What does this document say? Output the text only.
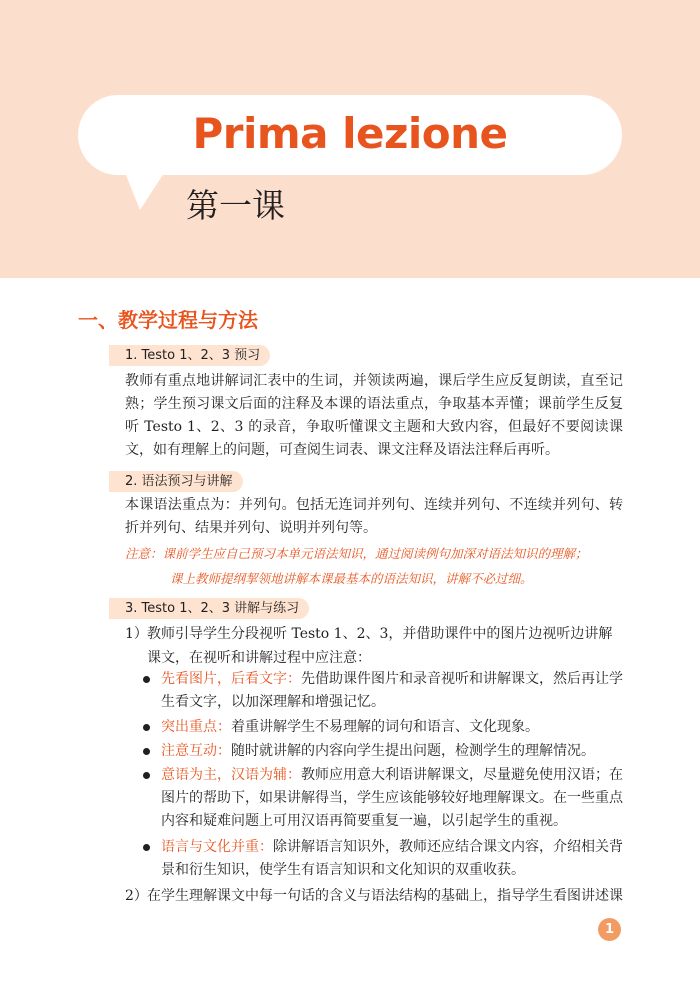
Prima lezione
第一课
一、教学过程与方法
1. Testo 1、2、3 预习
教师有重点地讲解词汇表中的生词，并领读两遍，课后学生应反复朗读，直至记熟；学生预习课文后面的注释及本课的语法重点，争取基本弄懂；课前学生反复听 Testo 1、2、3 的录音，争取听懂课文主题和大致内容，但最好不要阅读课文，如有理解上的问题，可查阅生词表、课文注释及语法注释后再听。
2. 语法预习与讲解
本课语法重点为：并列句。包括无连词并列句、连续并列句、不连续并列句、转折并列句、结果并列句、说明并列句等。
注意：课前学生应自己预习本单元语法知识，通过阅读例句加深对语法知识的理解；
课上教师提纲挈领地讲解本课最基本的语法知识，讲解不必过细。
3. Testo 1、2、3 讲解与练习
1） 教师引导学生分段视听 Testo 1、2、3，并借助课件中的图片边视听边讲解课文，在视听和讲解过程中应注意：
先看图片，后看文字：先借助课件图片和录音视听和讲解课文，然后再让学生看文字，以加深理解和增强记忆。
突出重点：着重讲解学生不易理解的词句和语言、文化现象。
注意互动：随时就讲解的内容向学生提出问题，检测学生的理解情况。
意语为主，汉语为辅：教师应用意大利语讲解课文，尽量避免使用汉语；在图片的帮助下，如果讲解得当，学生应该能够较好地理解课文。在一些重点内容和疑难问题上可用汉语再简要重复一遍，以引起学生的重视。
语言与文化并重：除讲解语言知识外，教师还应结合课文内容，介绍相关背景和衍生知识，使学生有语言知识和文化知识的双重收获。
2） 在学生理解课文中每一句话的含义与语法结构的基础上，指导学生看图讲述课
1
